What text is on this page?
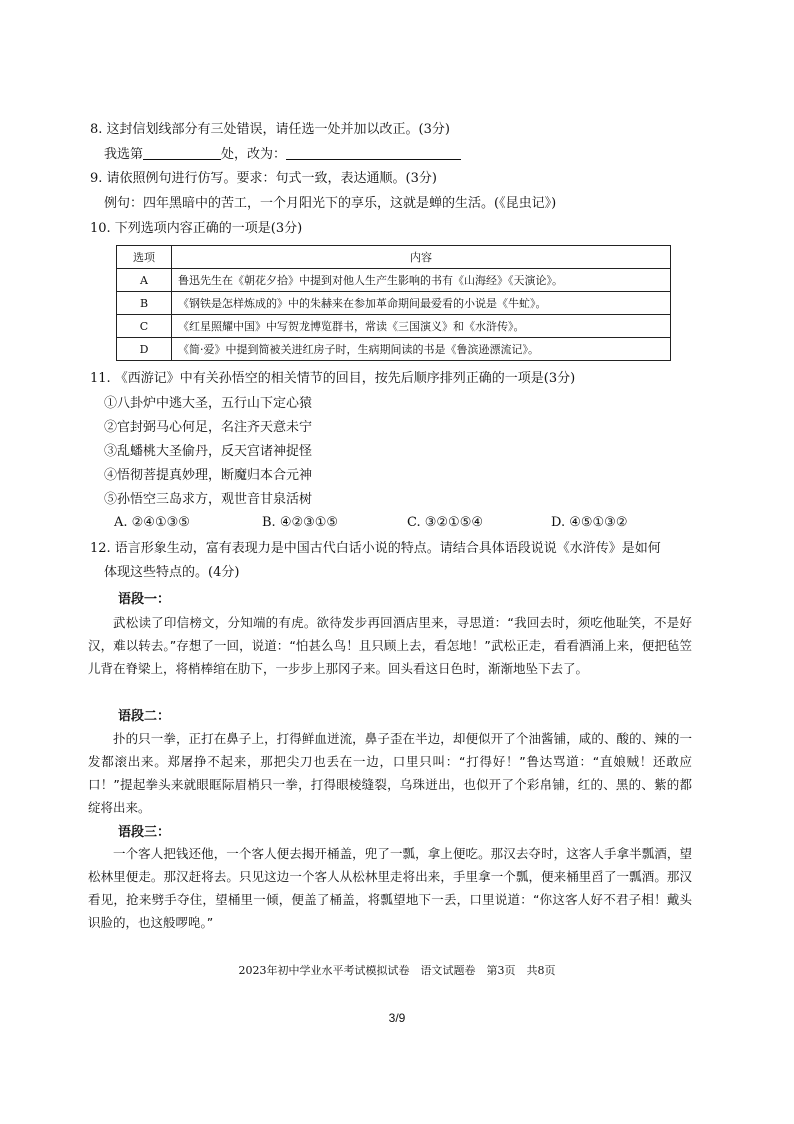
8. 这封信划线部分有三处错误，请任选一处并加以改正。(3分)
我选第	处，改为：
9. 请依照例句进行仿写。要求：句式一致，表达通顺。(3分)
例句：四年黑暗中的苦工，一个月阳光下的享乐，这就是蝉的生活。(《昆虫记》)
10. 下列选项内容正确的一项是(3分)
选项	内容
A	鲁迅先生在《朝花夕拾》中提到对他人生产生影响的书有《山海经》《天演论》。
B	《钢铁是怎样炼成的》中的朱赫来在参加革命期间最爱看的小说是《牛虻》。
C	《红星照耀中国》中写贺龙博览群书，常读《三国演义》和《水浒传》。
D	《简·爱》中提到简被关进红房子时，生病期间读的书是《鲁滨逊漂流记》。
11. 《西游记》中有关孙悟空的相关情节的回目，按先后顺序排列正确的一项是(3分)
①八卦炉中逃大圣，五行山下定心猿
②官封弼马心何足，名注齐天意未宁
③乱蟠桃大圣偷丹，反天宫诸神捉怪
④悟彻菩提真妙理，断魔归本合元神
⑤孙悟空三岛求方，观世音甘泉活树
A. ②④①③⑤	B. ④②③①⑤	C. ③②①⑤④	D. ④⑤①③②
12. 语言形象生动，富有表现力是中国古代白话小说的特点。请结合具体语段说说《水浒传》是如何
体现这些特点的。(4分)
语段一：
武松读了印信榜文，分知端的有虎。欲待发步再回酒店里来，寻思道：“我回去时，须吃他耻笑，不是好汉，难以转去。”存想了一回，说道：“怕甚么鸟！且只顾上去，看怎地！”武松正走，看看酒涌上来，便把毡笠儿背在脊梁上，将梢棒绾在肋下，一步步上那冈子来。回头看这日色时，渐渐地坠下去了。
语段二：
扑的只一拳，正打在鼻子上，打得鲜血迸流，鼻子歪在半边，却便似开了个油酱铺，咸的、酸的、辣的一发都滚出来。郑屠挣不起来，那把尖刀也丢在一边，口里只叫：“打得好！”鲁达骂道：“直娘贼！还敢应口！”提起拳头来就眼眶际眉梢只一拳，打得眼棱缝裂，乌珠迸出，也似开了个彩帛铺，红的、黑的、紫的都绽将出来。
语段三：
一个客人把钱还他，一个客人便去揭开桶盖，兜了一瓢，拿上便吃。那汉去夺时，这客人手拿半瓢酒，望松林里便走。那汉赶将去。只见这边一个客人从松林里走将出来，手里拿一个瓢，便来桶里舀了一瓢酒。那汉看见，抢来劈手夺住，望桶里一倾，便盖了桶盖，将瓢望地下一丢，口里说道：“你这客人好不君子相！戴头识脸的，也这般啰唣。”
2023年初中学业水平考试模拟试卷　语文试题卷　第3页　共8页
3/9
